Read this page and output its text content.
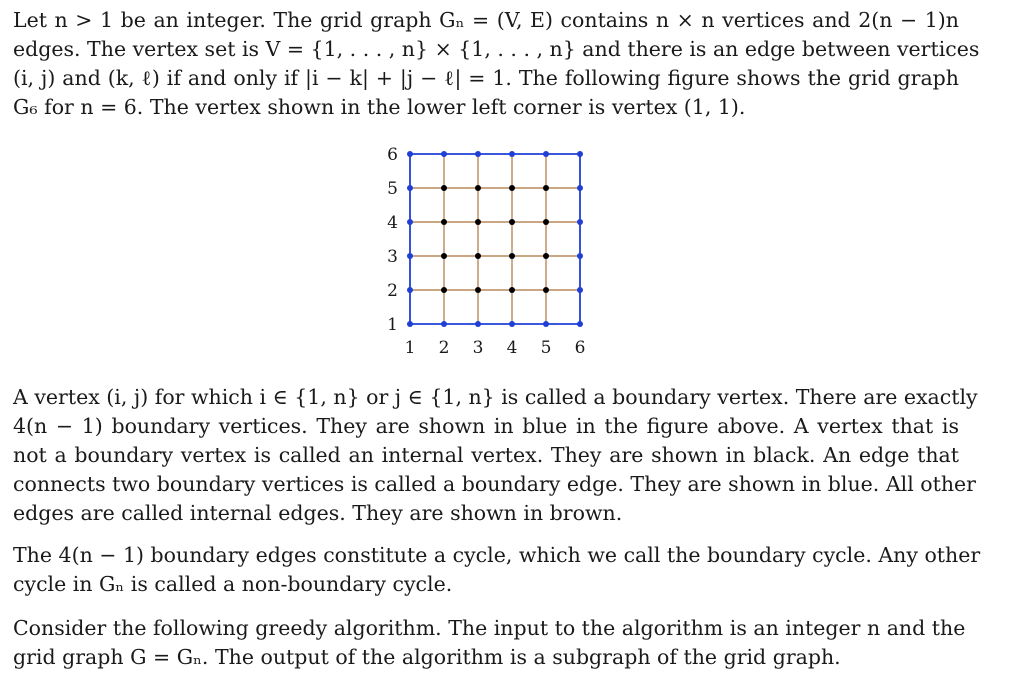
Let n > 1 be an integer. The grid graph Gₙ = (V, E) contains n × n vertices and 2(n − 1)n
edges. The vertex set is V = {1, . . . , n} × {1, . . . , n} and there is an edge between vertices
(i, j) and (k, ℓ) if and only if |i − k| + |j − ℓ| = 1. The following figure shows the grid graph
G₆ for n = 6. The vertex shown in the lower left corner is vertex (1, 1).

6
5
4
3
2
1
1 2 3 4 5 6

A vertex (i, j) for which i ∈ {1, n} or j ∈ {1, n} is called a boundary vertex. There are exactly
4(n − 1) boundary vertices. They are shown in blue in the figure above. A vertex that is
not a boundary vertex is called an internal vertex. They are shown in black. An edge that
connects two boundary vertices is called a boundary edge. They are shown in blue. All other
edges are called internal edges. They are shown in brown.

The 4(n − 1) boundary edges constitute a cycle, which we call the boundary cycle. Any other
cycle in Gₙ is called a non-boundary cycle.

Consider the following greedy algorithm. The input to the algorithm is an integer n and the
grid graph G = Gₙ. The output of the algorithm is a subgraph of the grid graph.
